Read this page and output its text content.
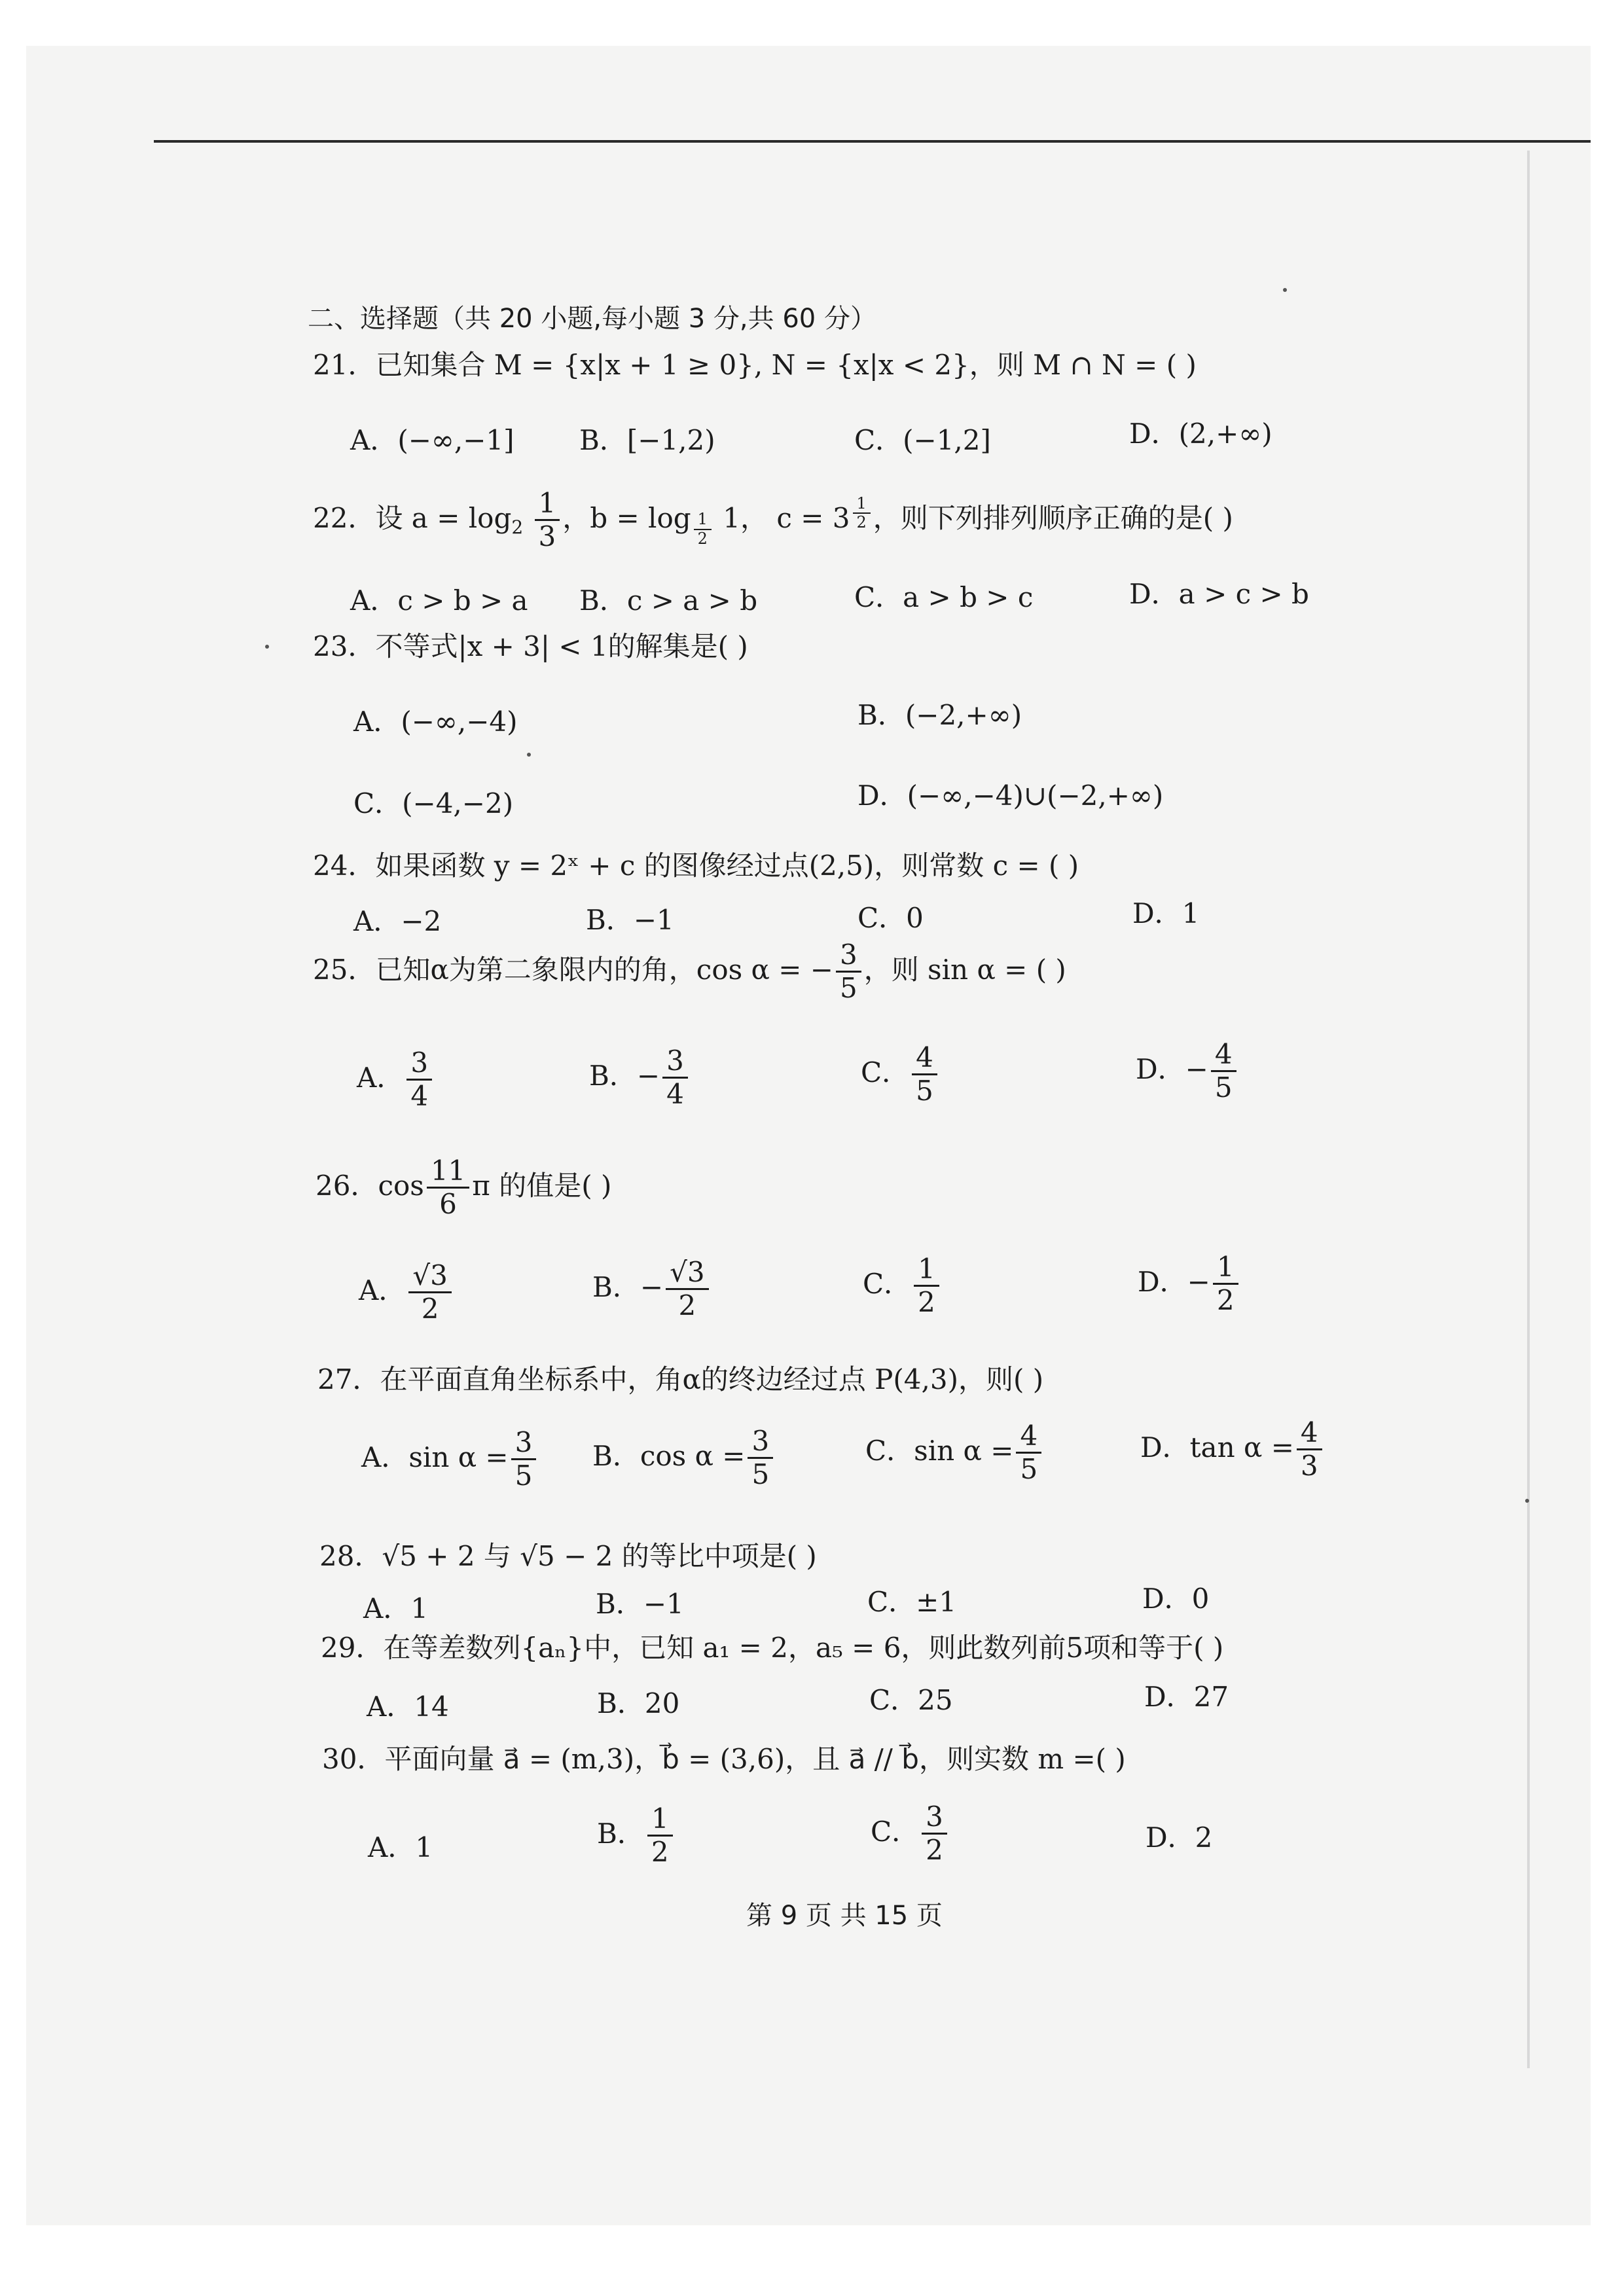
二、选择题（共 20 小题,每小题 3 分,共 60 分）
21．已知集合 M = {x|x + 1 ≥ 0}, N = {x|x < 2}，则 M ∩ N = ( )
A．(−∞,−1] B．[−1,2)	C．(−1,2]	D．(2,+∞)
22．设 $a = \log_2 \frac{1}{3}$ ，b = log $_{\frac{1}{2}}$ 1， c = 3 $^{\frac{1}{2}}$ ，则下列排列顺序正确的是( )
A．c > b > a B．c > a > b	C．a > b > c	D．a > c > b
23．不等式|x + 3| < 1的解集是( )
A．(−∞,−4)	B．(−2,+∞)
C．(−4,−2)	D．(−∞,−4)∪(−2,+∞)
24．如果函数 y = 2ˣ + c 的图像经过点(2,5)，则常数 c = ( )
A．−2	B．−1	C．0	D．1
25．已知α为第二象限内的角，cos α = − $\frac{3}{5}$ ，则 sin α = ( )
A． $\frac{3}{4}$	B．− $\frac{3}{4}$	C． $\frac{4}{5}$	D．− $\frac{4}{5}$
26．$\cos \frac{11}{6}$ π 的值是( )
A． $\frac{√3}{2}$	B．− $\frac{√3}{2}$	C． $\frac{1}{2}$	D．− $\frac{1}{2}$
27．在平面直角坐标系中，角α的终边经过点 P(4,3)，则( )
A．$\sin \alpha = \frac{3}{5}$ B．$\cos \alpha = \frac{3}{5}$	C．$\sin \alpha = \frac{4}{5}$	D．$\tan \alpha = \frac{4}{3}$
28．√5 + 2 与 √5 − 2 的等比中项是( )
A．1	B．−1	C．±1	D．0
29．在等差数列{aₙ}中，已知 a₁ = 2，a₅ = 6，则此数列前5项和等于( )
A．14	B．20	C．25	D．27
30．平面向量 a⃗ = (m,3)，b⃗ = (3,6)，且 a⃗ // b⃗，则实数 m =( )
A．1	B． $\frac{1}{2}$	C． $\frac{3}{2}$	D．2
第 9 页 共 15 页
